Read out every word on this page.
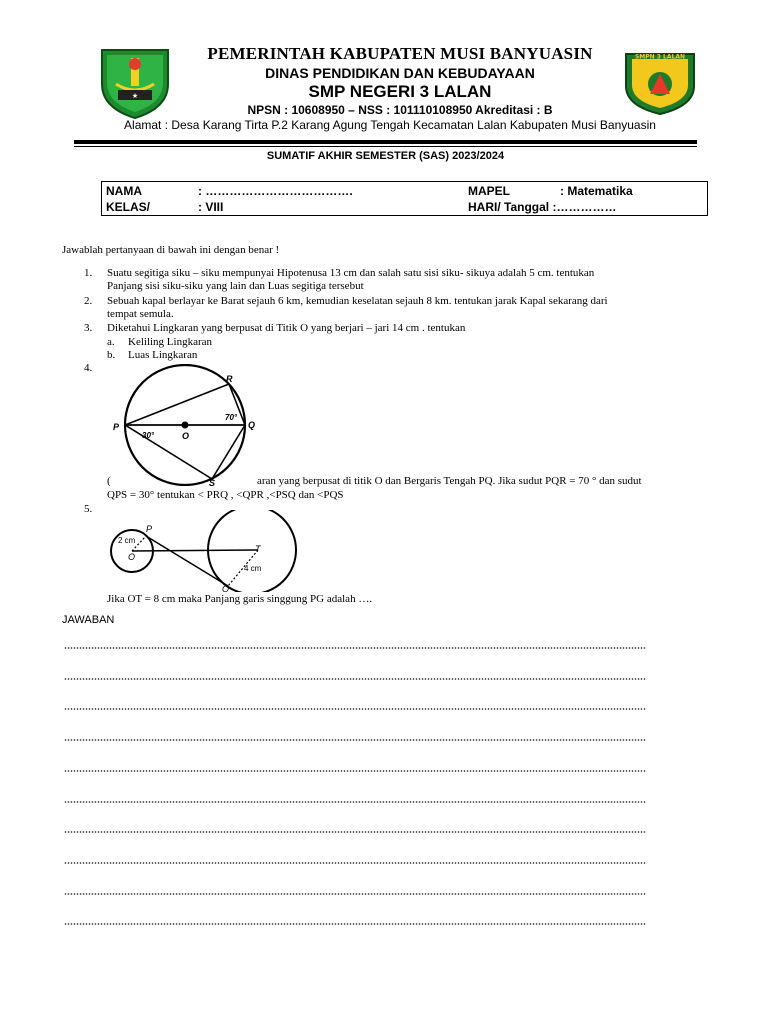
★
SMPN 3 LALAN
PEMERINTAH KABUPATEN MUSI BANYUASIN
DINAS PENDIDIKAN DAN KEBUDAYAAN
SMP NEGERI 3 LALAN
NPSN : 10608950 – NSS : 101110108950 Akreditasi : B
Alamat : Desa Karang Tirta P.2 Karang Agung Tengah Kecamatan Lalan Kabupaten Musi Banyuasin
SUMATIF AKHIR SEMESTER (SAS) 2023/2024
NAMA	: ……………………………….	MAPEL	: Matematika
KELAS/	: VIII	HARI/ Tanggal :……………
Jawablah pertanyaan di bawah ini dengan benar !
1. Suatu segitiga siku – siku mempunyai Hipotenusa 13 cm dan salah satu sisi siku- sikuya adalah 5 cm. tentukan
Panjang sisi siku-siku yang lain dan Luas segitiga tersebut
2. Sebuah kapal berlayar ke Barat sejauh 6 km, kemudian keselatan sejauh 8 km. tentukan jarak Kapal sekarang dari
tempat semula.
3. Diketahui Lingkaran yang berpusat di Titik O yang berjari – jari 14 cm . tentukan
a. Keliling Lingkaran
b. Luas Lingkaran
4.
P	Q
R
S
O
70°
30°
(	aran yang berpusat di titik O dan Bergaris Tengah PQ. Jika sudut PQR = 70 ° dan sudut
QPS = 30° tentukan < PRQ , <QPR ,<PSQ dan <PQS
5.
P
O
T
Q
2 cm
4 cm
Jika OT = 8 cm maka Panjang garis singgung PG adalah ….
JAWABAN
